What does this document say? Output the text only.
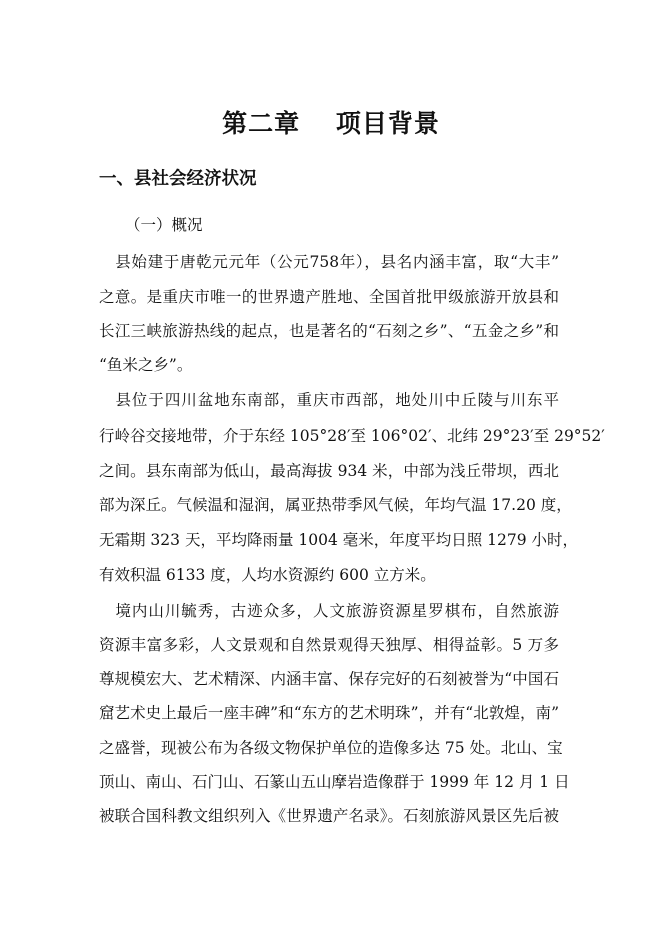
第二章　 项目背景
一、县社会经济状况
（一）概况
　县始建于唐乾元元年（公元758年），县名内涵丰富，取“大丰”
之意。是重庆市唯一的世界遗产胜地、全国首批甲级旅游开放县和
长江三峡旅游热线的起点，也是著名的“石刻之乡”、“五金之乡”和
“鱼米之乡”。
　县位于四川盆地东南部，重庆市西部，地处川中丘陵与川东平
行岭谷交接地带，介于东经 105°28′至 106°02′、北纬 29°23′至 29°52′
之间。县东南部为低山，最高海拔 934 米，中部为浅丘带坝，西北
部为深丘。气候温和湿润，属亚热带季风气候，年均气温 17.20 度，
无霜期 323 天，平均降雨量 1004 毫米，年度平均日照 1279 小时，
有效积温 6133 度，人均水资源约 600 立方米。
　境内山川毓秀，古迹众多，人文旅游资源星罗棋布，自然旅游
资源丰富多彩，人文景观和自然景观得天独厚、相得益彰。5 万多
尊规模宏大、艺术精深、内涵丰富、保存完好的石刻被誉为“中国石
窟艺术史上最后一座丰碑”和“东方的艺术明珠”，并有“北敦煌，南”
之盛誉，现被公布为各级文物保护单位的造像多达 75 处。北山、宝
顶山、南山、石门山、石篆山五山摩岩造像群于 1999 年 12 月 1 日
被联合国科教文组织列入《世界遗产名录》。石刻旅游风景区先后被
